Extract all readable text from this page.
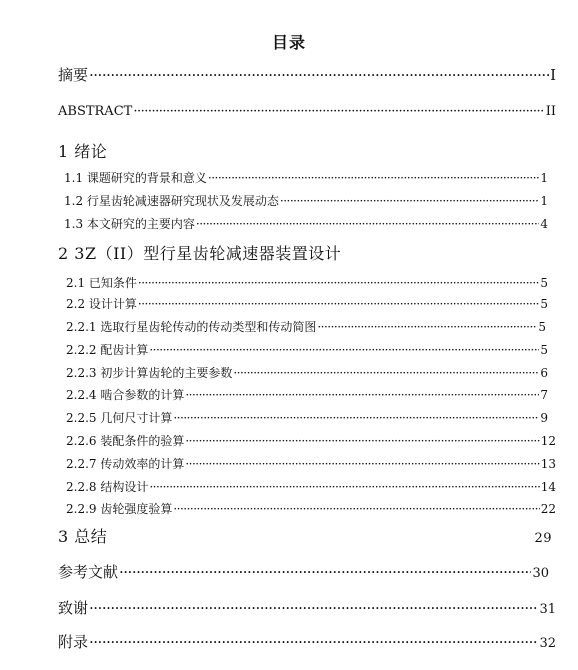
目录
摘要 ·····	I
ABSTRACT ·····	II
1 绪论
1.1 课题研究的背景和意义 ·····	1
1.2 行星齿轮减速器研究现状及发展动态 ·····	1
1.3 本文研究的主要内容 ·····	4
2 3Z（II）型行星齿轮减速器装置设计
2.1 已知条件 ·····	5
2.2 设计计算 ·····	5
2.2.1 选取行星齿轮传动的传动类型和传动简图 ·····	5
2.2.2 配齿计算 ·····	5
2.2.3 初步计算齿轮的主要参数 ·····	6
2.2.4 啮合参数的计算 ·····	7
2.2.5 几何尺寸计算 ·····	9
2.2.6 装配条件的验算 ·····	12
2.2.7 传动效率的计算 ·····	13
2.2.8 结构设计 ·····	14
2.2.9 齿轮强度验算 ·····	22
3 总结	29
参考文献 ·····	30
致谢 ·····	31
附录 ·····	32
